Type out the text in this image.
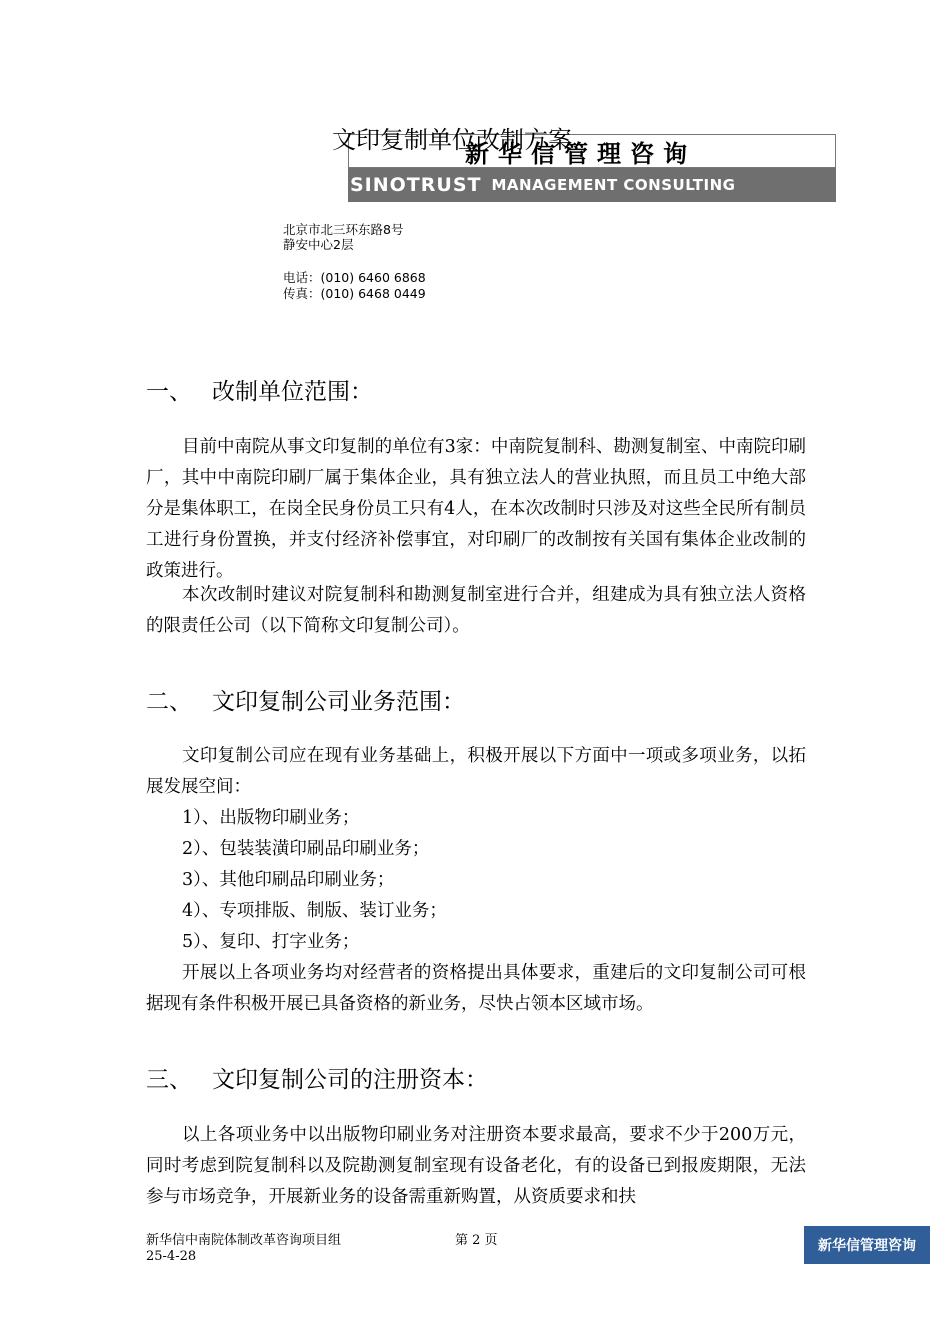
新华信管理咨询
文印复制单位改制方案
SINOTRUST MANAGEMENT CONSULTING
北京市北三环东路8号
静安中心2层
电话：(010) 6460 6868
传真：(010) 6468 0449
一、 改制单位范围：
目前中南院从事文印复制的单位有3家：中南院复制科、勘测复制室、中南院印刷厂，其中中南院印刷厂属于集体企业，具有独立法人的营业执照，而且员工中绝大部分是集体职工，在岗全民身份员工只有4人，在本次改制时只涉及对这些全民所有制员工进行身份置换，并支付经济补偿事宜，对印刷厂的改制按有关国有集体企业改制的政策进行。
本次改制时建议对院复制科和勘测复制室进行合并，组建成为具有独立法人资格的限责任公司（以下简称文印复制公司）。
二、 文印复制公司业务范围：
文印复制公司应在现有业务基础上，积极开展以下方面中一项或多项业务，以拓展发展空间：
1）、出版物印刷业务；
2）、包装装潢印刷品印刷业务；
3）、其他印刷品印刷业务；
4）、专项排版、制版、装订业务；
5）、复印、打字业务；
开展以上各项业务均对经营者的资格提出具体要求，重建后的文印复制公司可根据现有条件积极开展已具备资格的新业务，尽快占领本区域市场。
三、 文印复制公司的注册资本：
以上各项业务中以出版物印刷业务对注册资本要求最高，要求不少于200万元，同时考虑到院复制科以及院勘测复制室现有设备老化，有的设备已到报废期限，无法参与市场竞争，开展新业务的设备需重新购置，从资质要求和扶
新华信中南院体制改革咨询项目组
25-4-28
第 2 页	新华信管理咨询
